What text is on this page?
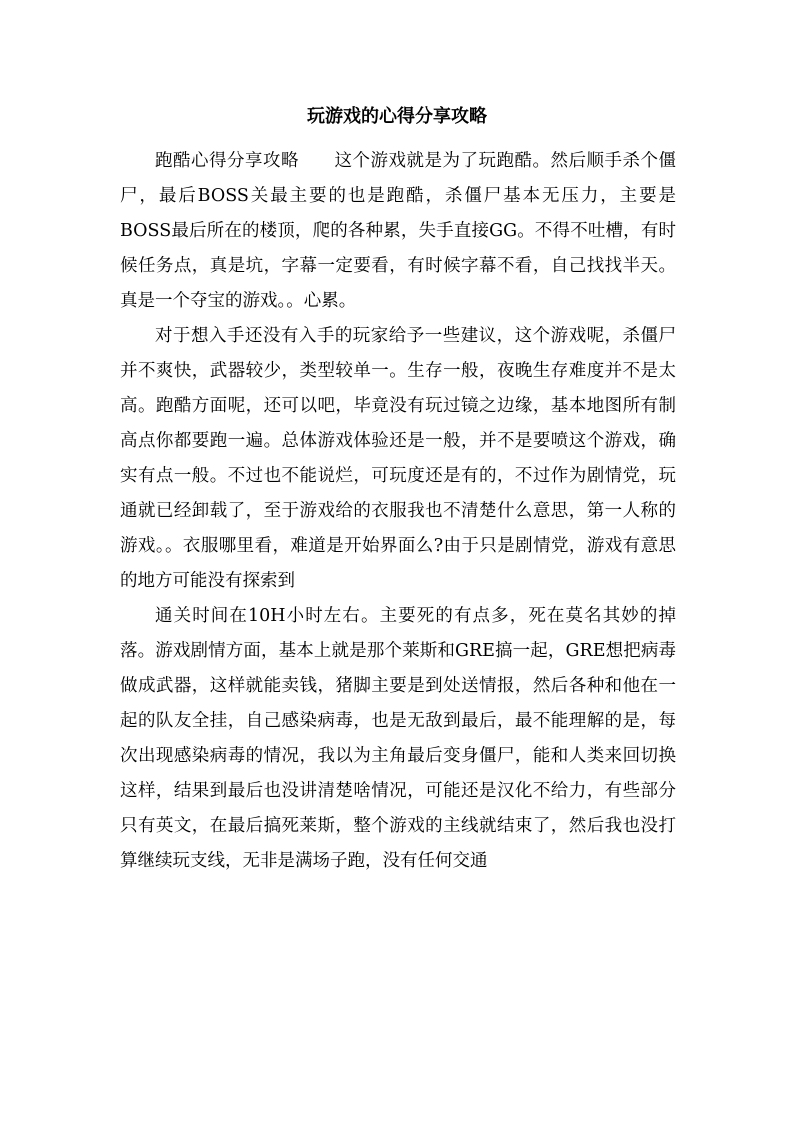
玩游戏的心得分享攻略

跑酷心得分享攻略 这个游戏就是为了玩跑酷。然后顺手杀个僵尸，最后BOSS关最主要的也是跑酷，杀僵尸基本无压力，主要是BOSS最后所在的楼顶，爬的各种累，失手直接GG。不得不吐槽，有时候任务点，真是坑，字幕一定要看，有时候字幕不看，自己找找半天。真是一个夺宝的游戏。。心累。

对于想入手还没有入手的玩家给予一些建议，这个游戏呢，杀僵尸并不爽快，武器较少，类型较单一。生存一般，夜晚生存难度并不是太高。跑酷方面呢，还可以吧，毕竟没有玩过镜之边缘，基本地图所有制高点你都要跑一遍。总体游戏体验还是一般，并不是要喷这个游戏，确实有点一般。不过也不能说烂，可玩度还是有的，不过作为剧情党，玩通就已经卸载了，至于游戏给的衣服我也不清楚什么意思，第一人称的游戏。。衣服哪里看，难道是开始界面么?由于只是剧情党，游戏有意思的地方可能没有探索到

通关时间在10H小时左右。主要死的有点多，死在莫名其妙的掉落。游戏剧情方面，基本上就是那个莱斯和GRE搞一起，GRE想把病毒做成武器，这样就能卖钱，猪脚主要是到处送情报，然后各种和他在一起的队友全挂，自己感染病毒，也是无敌到最后，最不能理解的是，每次出现感染病毒的情况，我以为主角最后变身僵尸，能和人类来回切换这样，结果到最后也没讲清楚啥情况，可能还是汉化不给力，有些部分只有英文，在最后搞死莱斯，整个游戏的主线就结束了，然后我也没打算继续玩支线，无非是满场子跑，没有任何交通
